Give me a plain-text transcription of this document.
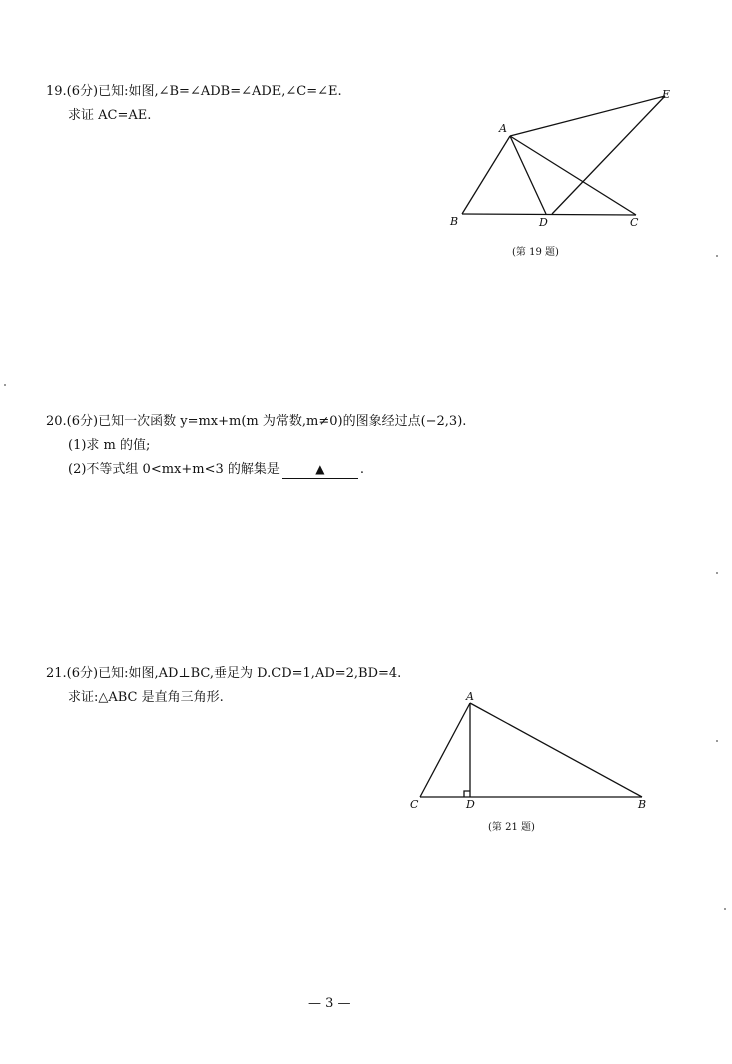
19.(6分)已知:如图,∠B=∠ADB=∠ADE,∠C=∠E.
求证 AC=AE.
A
B	C
D
E
(第 19 题)
20.(6分)已知一次函数 y=mx+m(m 为常数,m≠0)的图象经过点(−2,3).
(1)求 m 的值;
(2)不等式组 0<mx+m<3 的解集是	▲	.
21.(6分)已知:如图,AD⊥BC,垂足为 D.CD=1,AD=2,BD=4.
求证:△ABC 是直角三角形.	A
C	D	B
(第 21 题)
— 3 —
